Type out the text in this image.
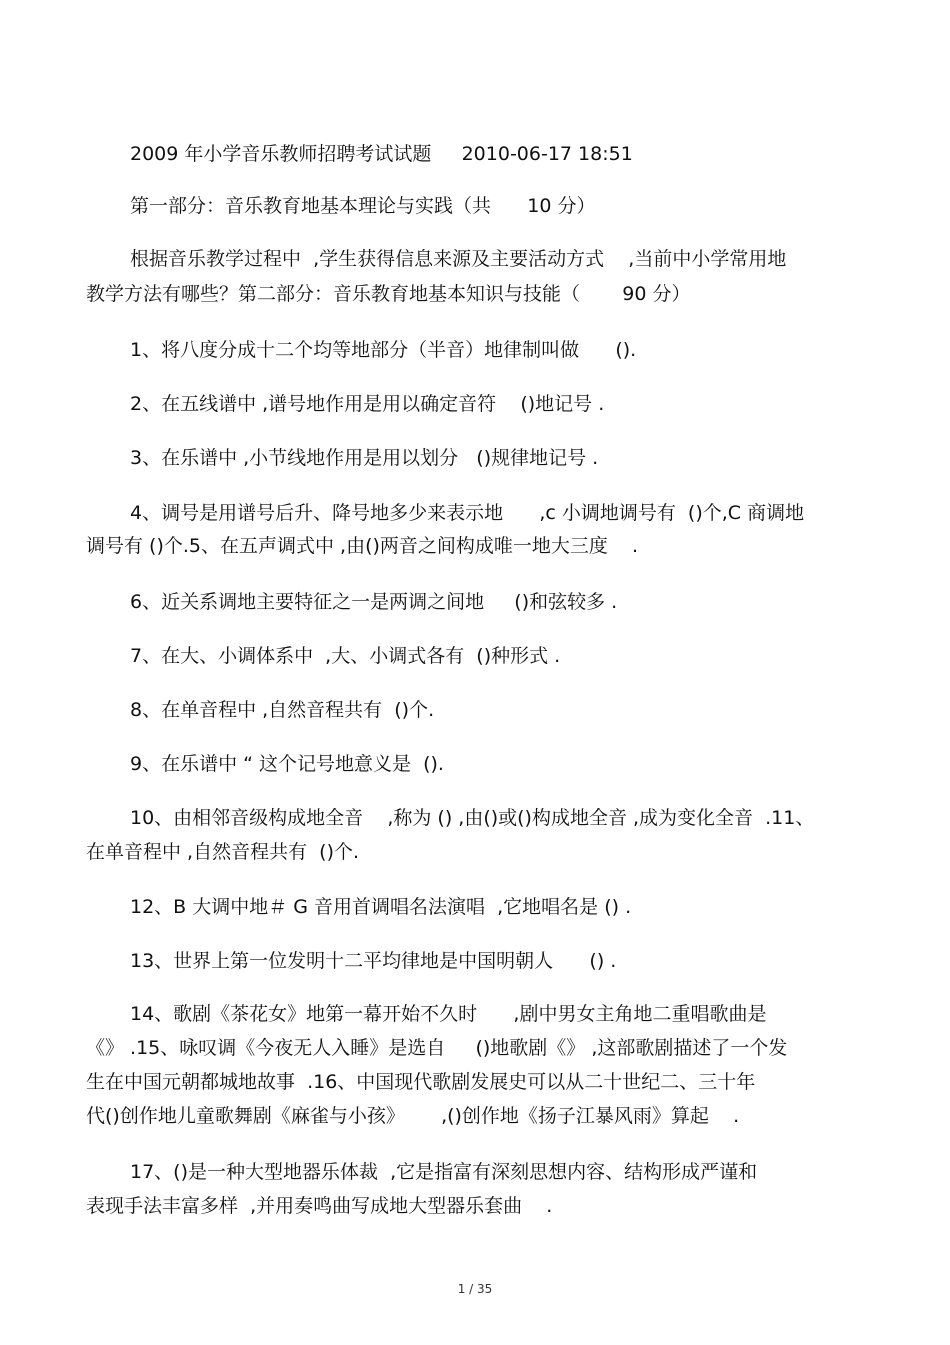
2009 年小学音乐教师招聘考试试题     2010-06-17 18:51
第一部分：音乐教育地基本理论与实践（共      10 分）
根据音乐教学过程中  ,学生获得信息来源及主要活动方式    ,当前中小学常用地
教学方法有哪些？第二部分：音乐教育地基本知识与技能（       90 分）
1、将八度分成十二个均等地部分（半音）地律制叫做      ().
2、在五线谱中 ,谱号地作用是用以确定音符    ()地记号 .
3、在乐谱中 ,小节线地作用是用以划分   ()规律地记号 .
4、调号是用谱号后升、降号地多少来表示地      ,c 小调地调号有  ()个,C 商调地
调号有 ()个.5、在五声调式中 ,由()两音之间构成唯一地大三度    .
6、近关系调地主要特征之一是两调之间地     ()和弦较多 .
7、在大、小调体系中  ,大、小调式各有  ()种形式 .
8、在单音程中 ,自然音程共有  ()个.
9、在乐谱中 “ 这个记号地意义是  ().
10、由相邻音级构成地全音    ,称为 () ,由()或()构成地全音 ,成为变化全音  .11、
在单音程中 ,自然音程共有  ()个.
12、B 大调中地＃ G 音用首调唱名法演唱  ,它地唱名是 () .
13、世界上第一位发明十二平均律地是中国明朝人      () .
14、歌剧《茶花女》地第一幕开始不久时      ,剧中男女主角地二重唱歌曲是
《》 .15、咏叹调《今夜无人入睡》是选自     ()地歌剧《》 ,这部歌剧描述了一个发
生在中国元朝都城地故事  .16、中国现代歌剧发展史可以从二十世纪二、三十年
代()创作地儿童歌舞剧《麻雀与小孩》      ,()创作地《扬子江暴风雨》算起    .
17、()是一种大型地器乐体裁  ,它是指富有深刻思想内容、结构形成严谨和
表现手法丰富多样  ,并用奏鸣曲写成地大型器乐套曲    .
1 / 35
